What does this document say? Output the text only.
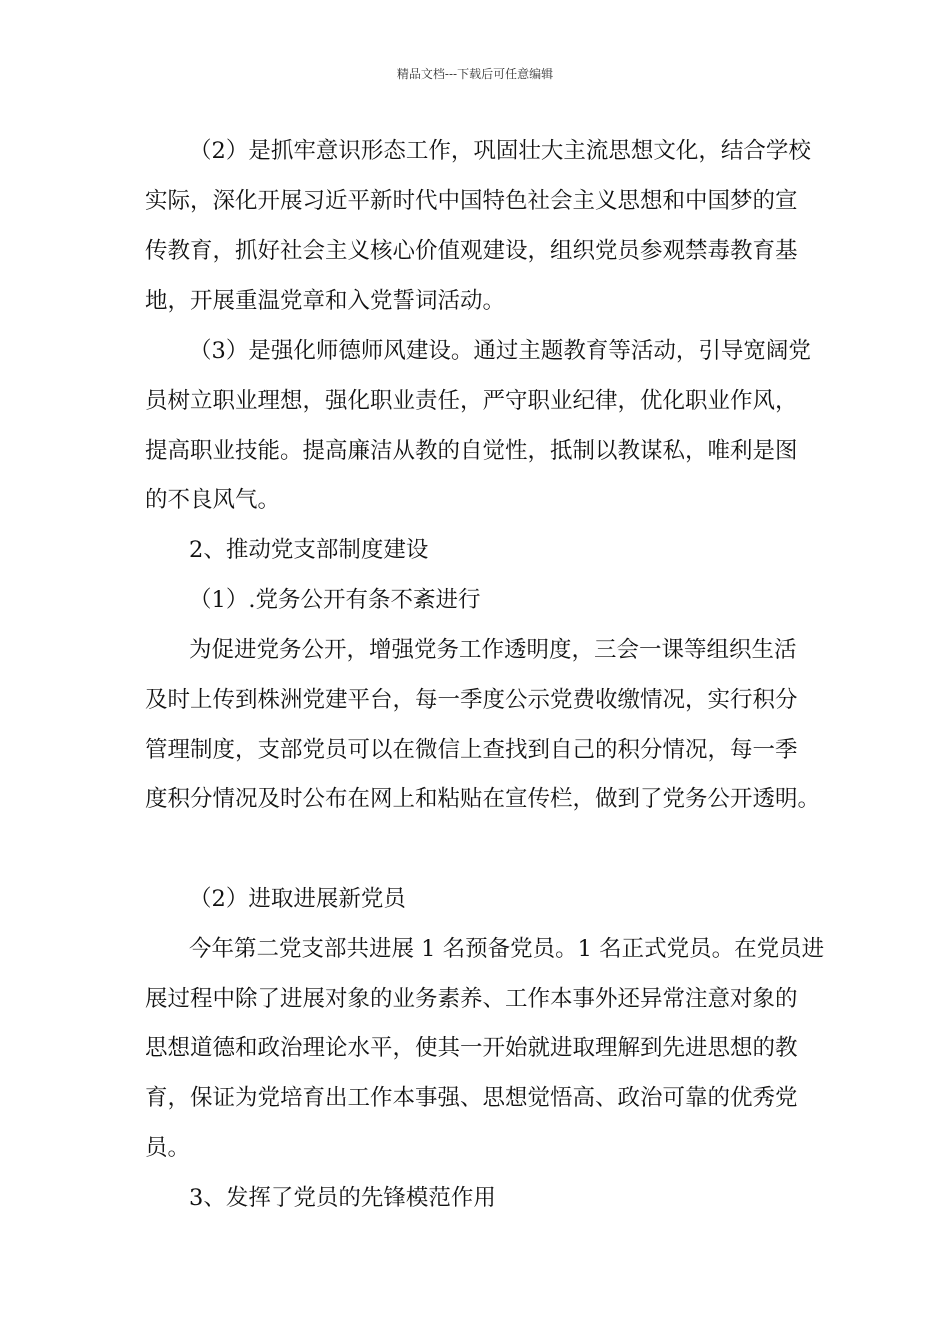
精品文档---下载后可任意编辑
（2）是抓牢意识形态工作，巩固壮大主流思想文化，结合学校
实际，深化开展习近平新时代中国特色社会主义思想和中国梦的宣
传教育，抓好社会主义核心价值观建设，组织党员参观禁毒教育基
地，开展重温党章和入党誓词活动。
（3）是强化师德师风建设。通过主题教育等活动，引导宽阔党
员树立职业理想，强化职业责任，严守职业纪律，优化职业作风，
提高职业技能。提高廉洁从教的自觉性，抵制以教谋私，唯利是图
的不良风气。
2、推动党支部制度建设
（1）.党务公开有条不紊进行
为促进党务公开，增强党务工作透明度，三会一课等组织生活
及时上传到株洲党建平台，每一季度公示党费收缴情况，实行积分
管理制度，支部党员可以在微信上查找到自己的积分情况，每一季
度积分情况及时公布在网上和粘贴在宣传栏，做到了党务公开透明。
（2）进取进展新党员
今年第二党支部共进展 1 名预备党员。1 名正式党员。在党员进
展过程中除了进展对象的业务素养、工作本事外还异常注意对象的
思想道德和政治理论水平，使其一开始就进取理解到先进思想的教
育，保证为党培育出工作本事强、思想觉悟高、政治可靠的优秀党
员。
3、发挥了党员的先锋模范作用
